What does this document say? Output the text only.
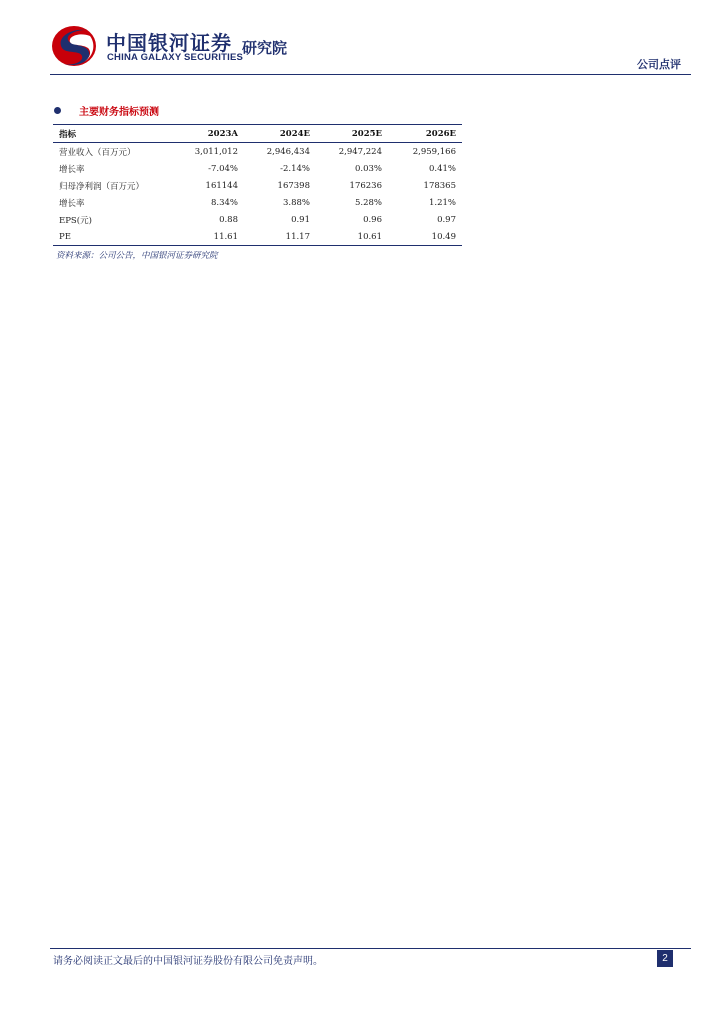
中国银河证券
CHINA GALAXY SECURITIES
研究院
公司点评
主要财务指标预测
指标	2023A	2024E	2025E	2026E
营业收入（百万元）	3,011,012	2,946,434	2,947,224	2,959,166
增长率	-7.04%	-2.14%	0.03%	0.41%
归母净利润（百万元）	161144	167398	176236	178365
增长率	8.34%	3.88%	5.28%	1.21%
EPS(元)	0.88	0.91	0.96	0.97
PE	11.61	11.17	10.61	10.49
资料来源：公司公告，中国银河证券研究院
请务必阅读正文最后的中国银河证券股份有限公司免责声明。	2
